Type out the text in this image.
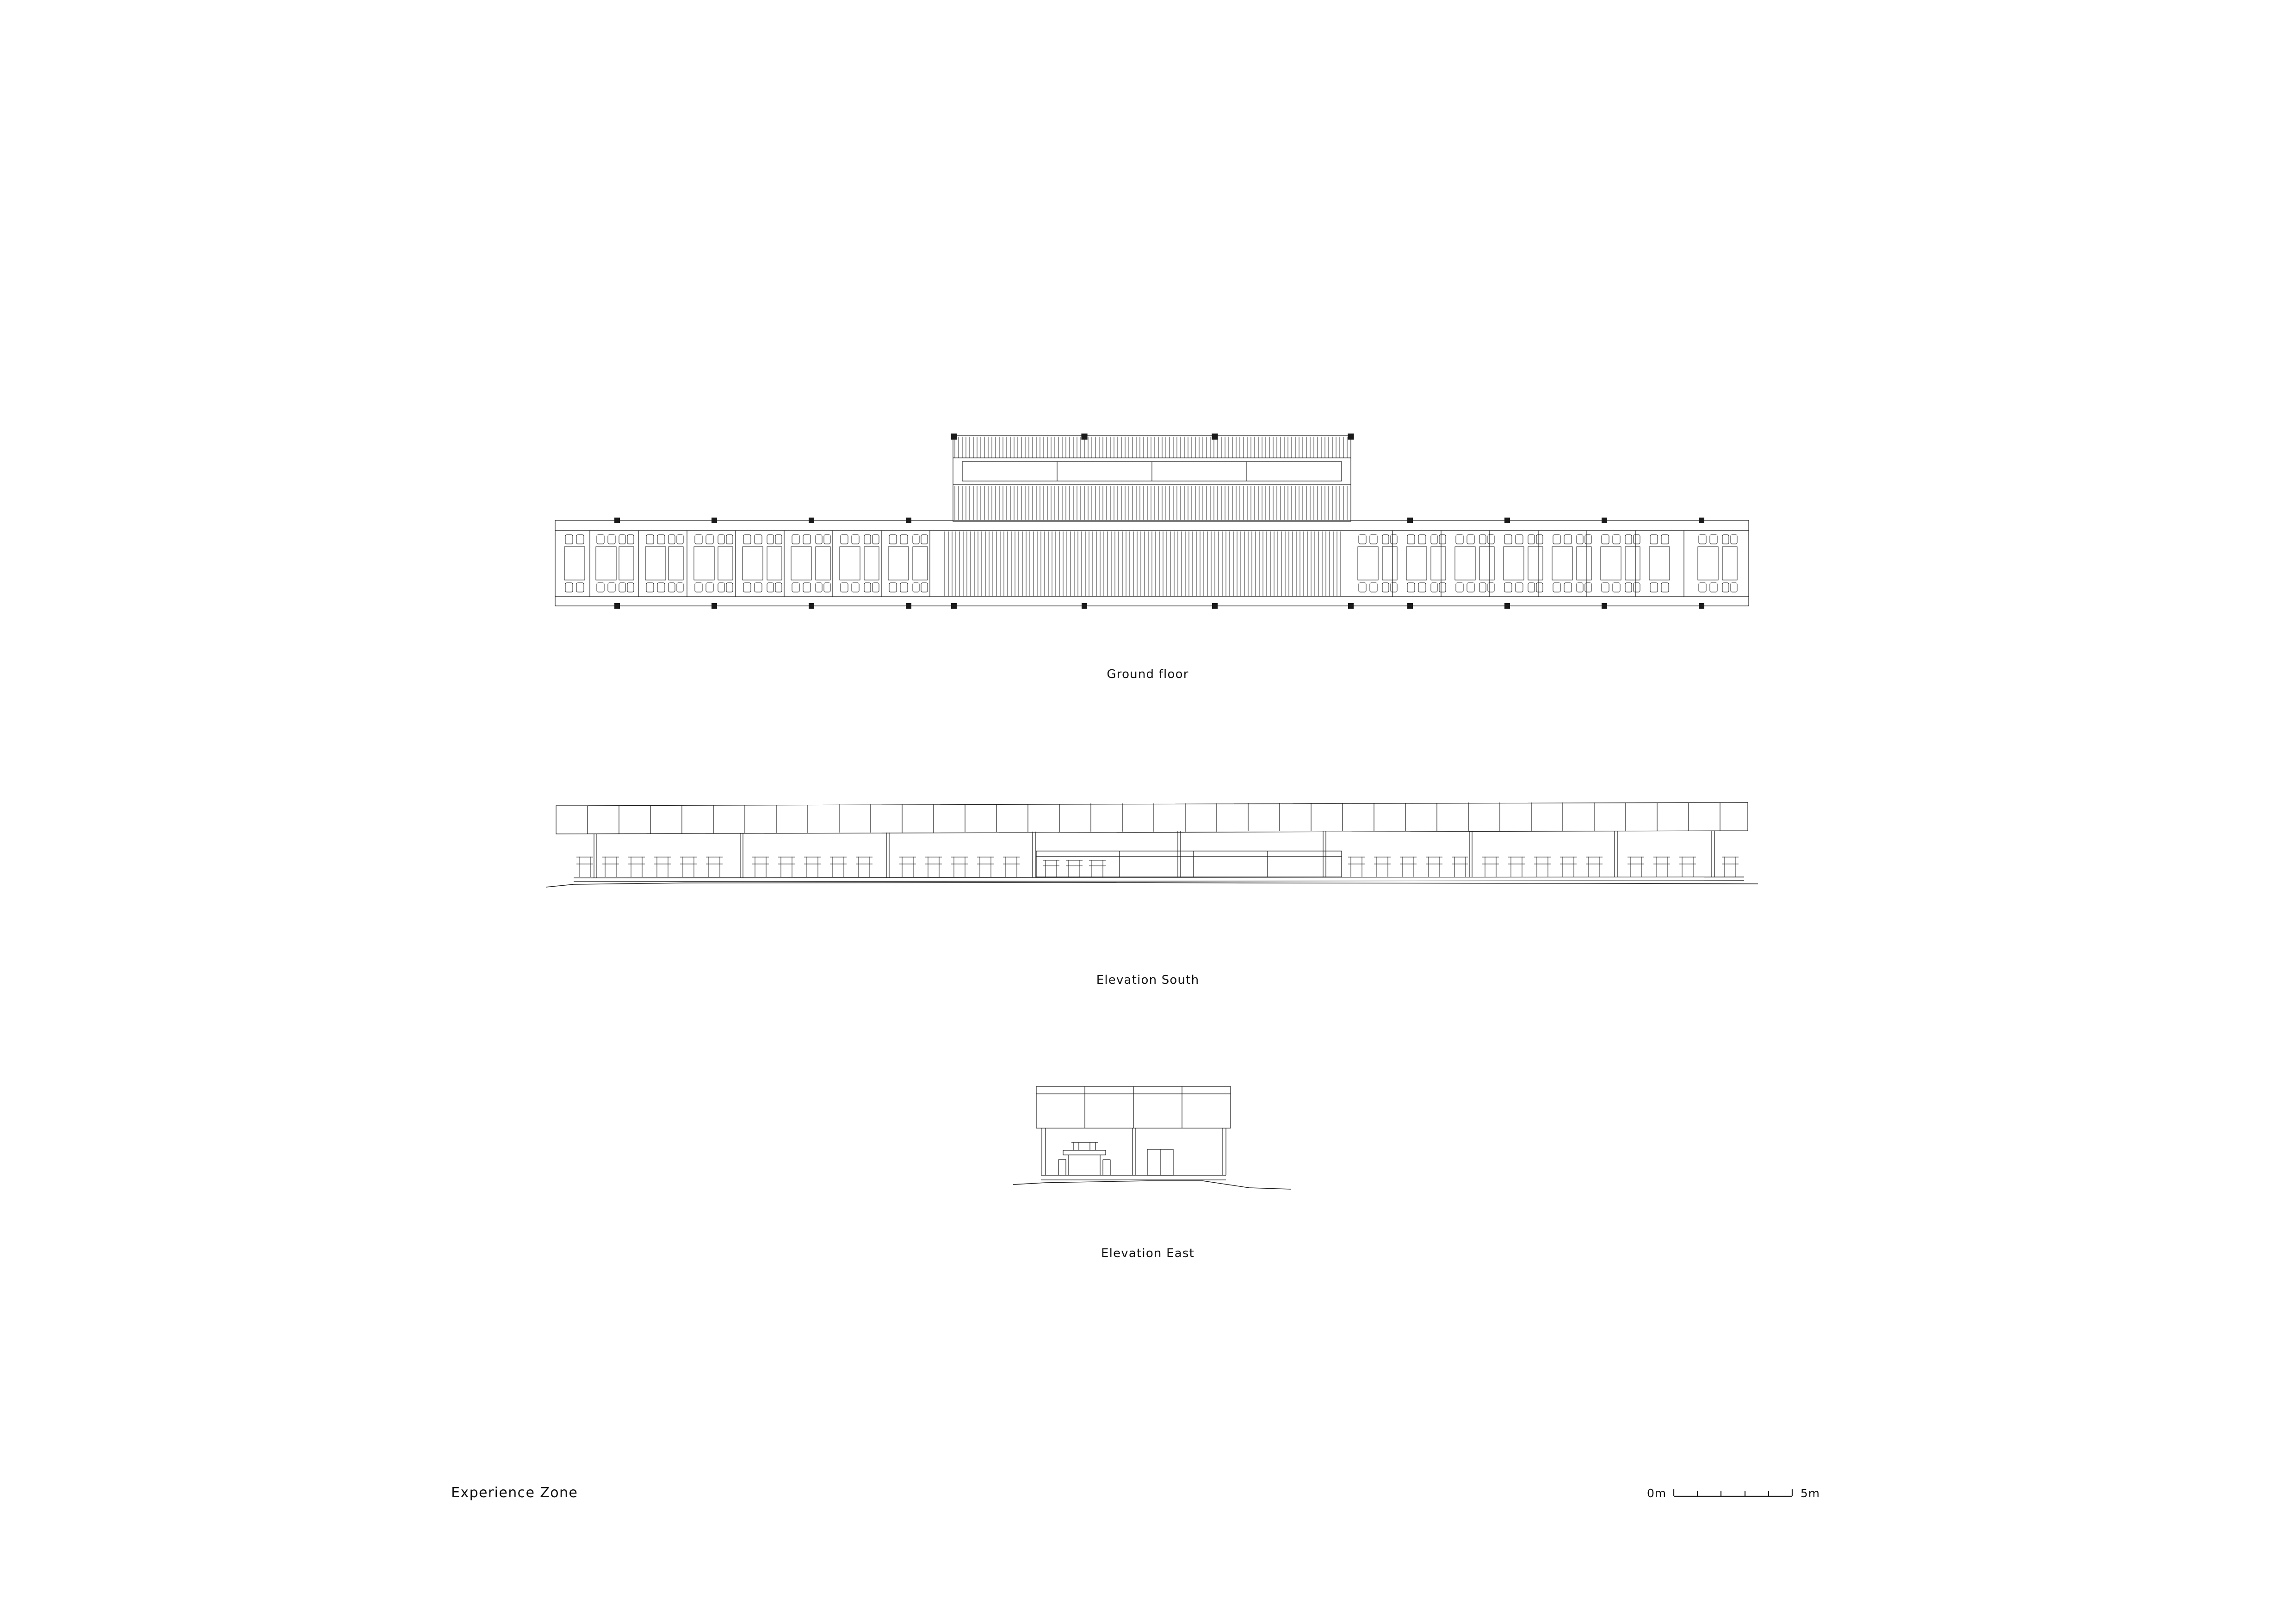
Ground floor
Elevation South
Elevation East
Experience Zone	0m	5m
